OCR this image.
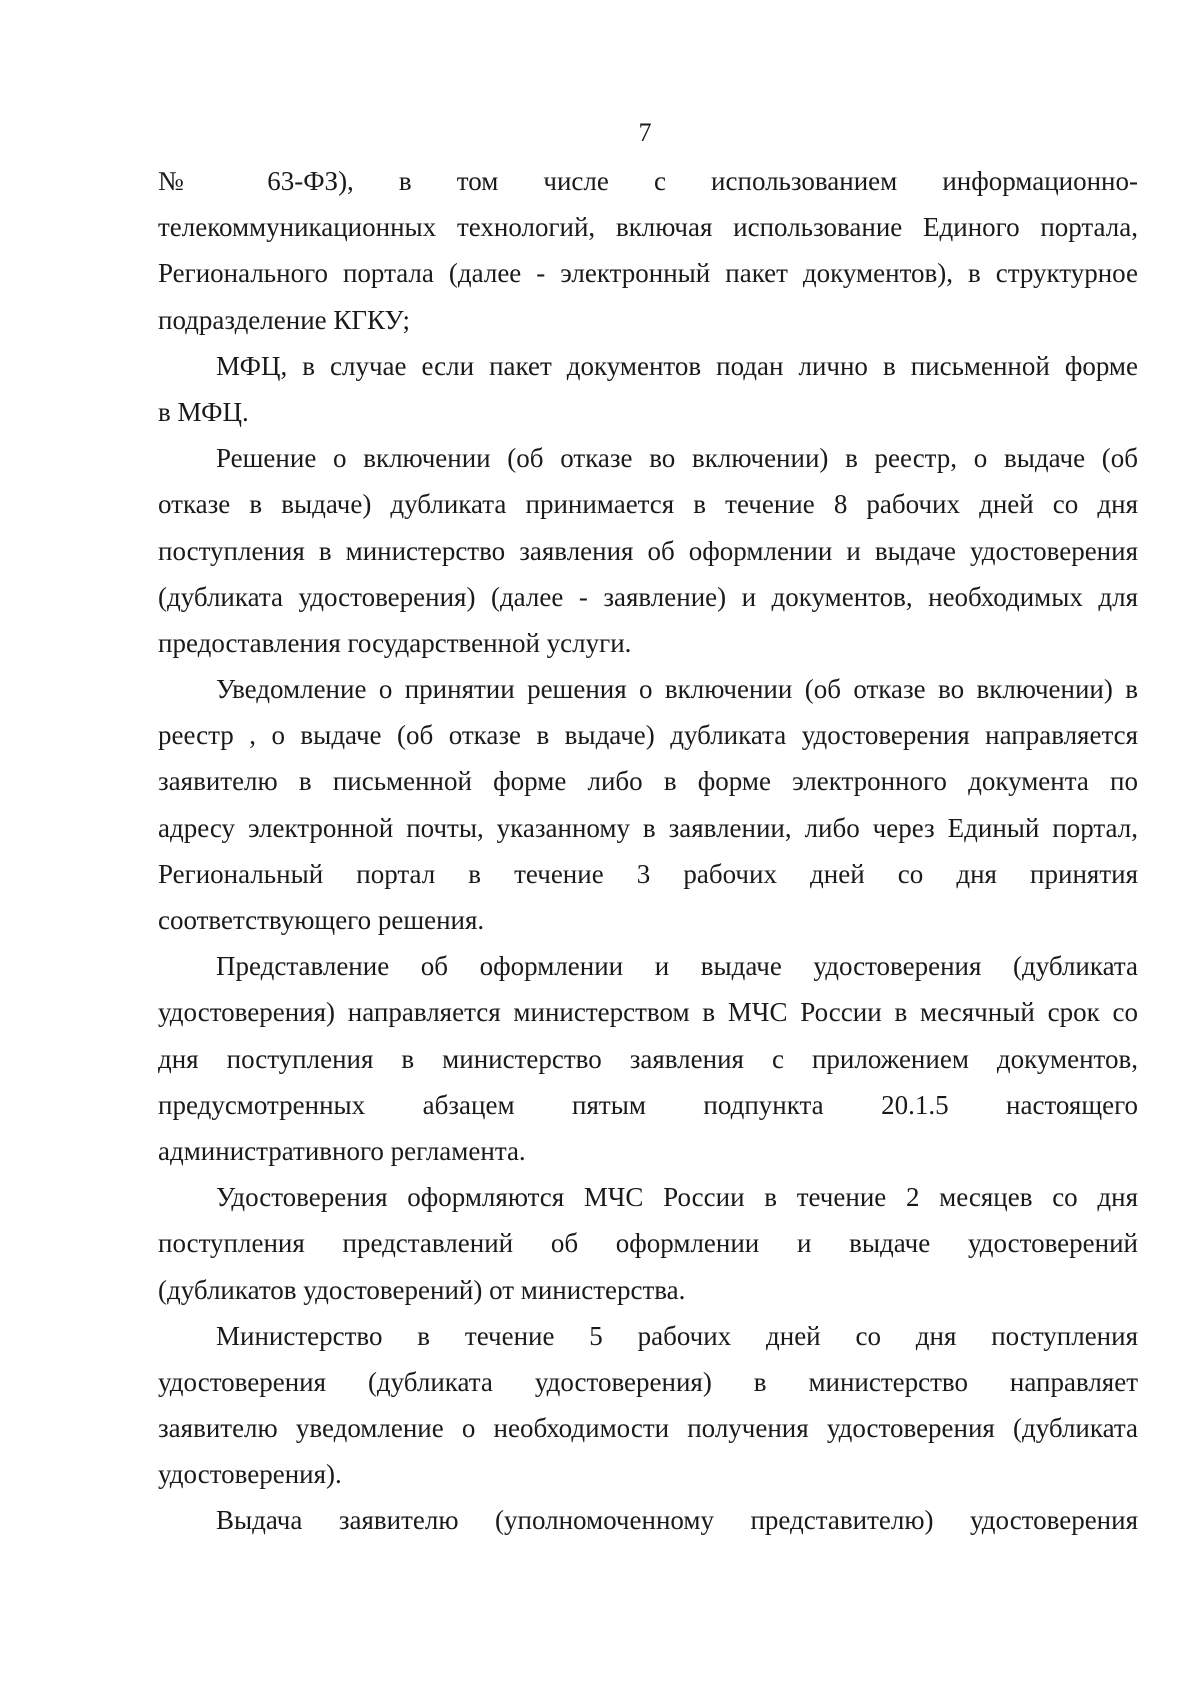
7
№ 63-ФЗ), в том числе с использованием информационно-
телекоммуникационных технологий, включая использование Единого портала,
Регионального портала (далее - электронный пакет документов), в структурное
подразделение КГКУ;
МФЦ, в случае если пакет документов подан лично в письменной форме
в МФЦ.
Решение о включении (об отказе во включении) в реестр, о выдаче (об
отказе в выдаче) дубликата принимается в течение 8 рабочих дней со дня
поступления в министерство заявления об оформлении и выдаче удостоверения
(дубликата удостоверения) (далее - заявление) и документов, необходимых для
предоставления государственной услуги.
Уведомление о принятии решения о включении (об отказе во включении) в
реестр , о выдаче (об отказе в выдаче) дубликата удостоверения направляется
заявителю в письменной форме либо в форме электронного документа по
адресу электронной почты, указанному в заявлении, либо через Единый портал,
Региональный портал в течение 3 рабочих дней со дня принятия
соответствующего решения.
Представление об оформлении и выдаче удостоверения (дубликата
удостоверения) направляется министерством в МЧС России в месячный срок со
дня поступления в министерство заявления с приложением документов,
предусмотренных абзацем пятым подпункта 20.1.5 настоящего
административного регламента.
Удостоверения оформляются МЧС России в течение 2 месяцев со дня
поступления представлений об оформлении и выдаче удостоверений
(дубликатов удостоверений) от министерства.
Министерство в течение 5 рабочих дней со дня поступления
удостоверения (дубликата удостоверения) в министерство направляет
заявителю уведомление о необходимости получения удостоверения (дубликата
удостоверения).
Выдача заявителю (уполномоченному представителю) удостоверения
